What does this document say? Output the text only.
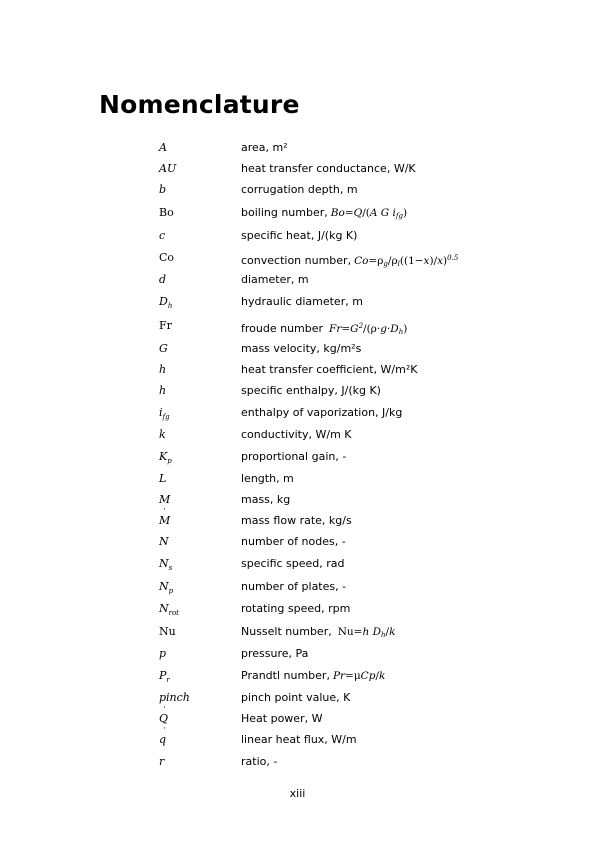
Nomenclature
A	area, m²
AU	heat transfer conductance, W/K
b	corrugation depth, m
Bo	boiling number, Bo=Q/(A G $i_{fg}$)
c	specific heat, J/(kg K)
Co	convection number, $Co=\rho_g/\rho_l((1-x)/x)^{0.5}$
d	diameter, m
$D_h$	hydraulic diameter, m
Fr	froude number $Fr=G^2/(\rho\cdot g\cdot D_h)$
G	mass velocity, kg/m²s
h	heat transfer coefficient, W/m²K
h	specific enthalpy, J/(kg K)
$i_{fg}$	enthalpy of vaporization, J/kg
k	conductivity, W/m K
$K_p$	proportional gain, -
L	length, m
M	mass, kg
˙ M	mass flow rate, kg/s
N	number of nodes, -
$N_s$	specific speed, rad
$N_p$	number of plates, -
$N_{rot}$	rotating speed, rpm
Nu	Nusselt number, Nu=h $D_h/k$
p	pressure, Pa
$P_r$	Prandtl number, Pr=μCp/k
pinch	pinch point value, K
˙ Q	Heat power, W
˙ q	linear heat flux, W/m
r	ratio, -
xiii
